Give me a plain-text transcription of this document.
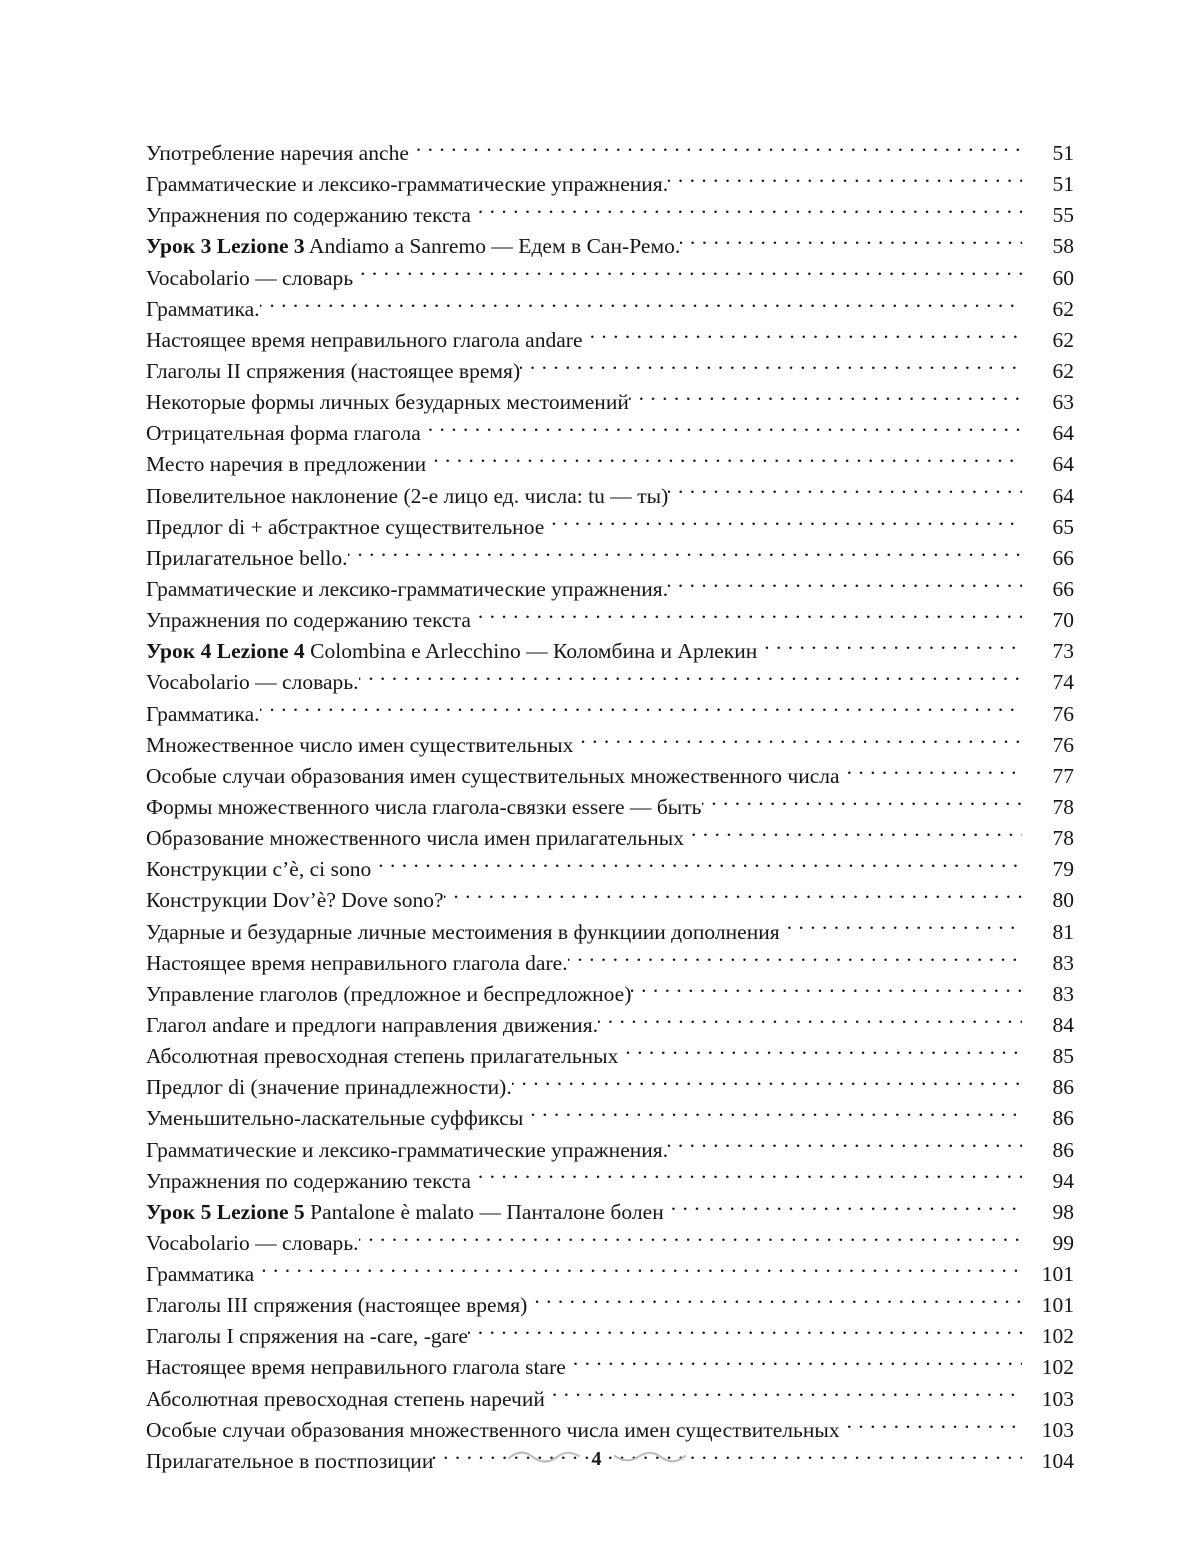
Употребление наречия anche . . .	51
Грамматические и лексико-грамматические упражнения. . . .	51
Упражнения по содержанию текста . . .	55
Урок 3 Lezione 3 Andiamo a Sanremo — Едем в Сан-Ремо. . . .	58
Vocabolario — словарь . . .	60
Грамматика. . . .	62
Настоящее время неправильного глагола andare . . .	62
Глаголы II спряжения (настоящее время) . . .	62
Некоторые формы личных безударных местоимений . . .	63
Отрицательная форма глагола . . .	64
Место наречия в предложении . . .	64
Повелительное наклонение (2-е лицо ед. числа: tu — ты) . . .	64
Предлог di + абстрактное существительное . . .	65
Прилагательное bello. . . .	66
Грамматические и лексико-грамматические упражнения. . . .	66
Упражнения по содержанию текста . . .	70
Урок 4 Lezione 4 Colombina e Arlecchino — Коломбина и Арлекин . . .	73
Vocabolario — словарь. . . .	74
Грамматика. . . .	76
Множественное число имен существительных . . .	76
Особые случаи образования имен существительных множественного числа . . .	77
Формы множественного числа глагола-связки essere — быть . . .	78
Образование множественного числа имен прилагательных . . .	78
Конструкции c’è, ci sono . . .	79
Конструкции Dov’è? Dove sono? . . .	80
Ударные и безударные личные местоимения в функциии дополнения . . .	81
Настоящее время неправильного глагола dare. . . .	83
Управление глаголов (предложное и беспредложное) . . .	83
Глагол andare и предлоги направления движения. . . .	84
Абсолютная превосходная степень прилагательных . . .	85
Предлог di (значение принадлежности). . . .	86
Уменьшительно-ласкательные суффиксы . . .	86
Грамматические и лексико-грамматические упражнения. . . .	86
Упражнения по содержанию текста . . .	94
Урок 5 Lezione 5 Pantalone è malato — Панталоне болен . . .	98
Vocabolario — словарь. . . .	99
Грамматика . . .	101
Глаголы III спряжения (настоящее время) . . .	101
Глаголы I спряжения на -care, -gare . . .	102
Настоящее время неправильного глагола stare . . .	102
Абсолютная превосходная степень наречий . . .	103
Особые случаи образования множественного числа имен существительных . . .	103
Прилагательное в постпозиции . . .	104
4
